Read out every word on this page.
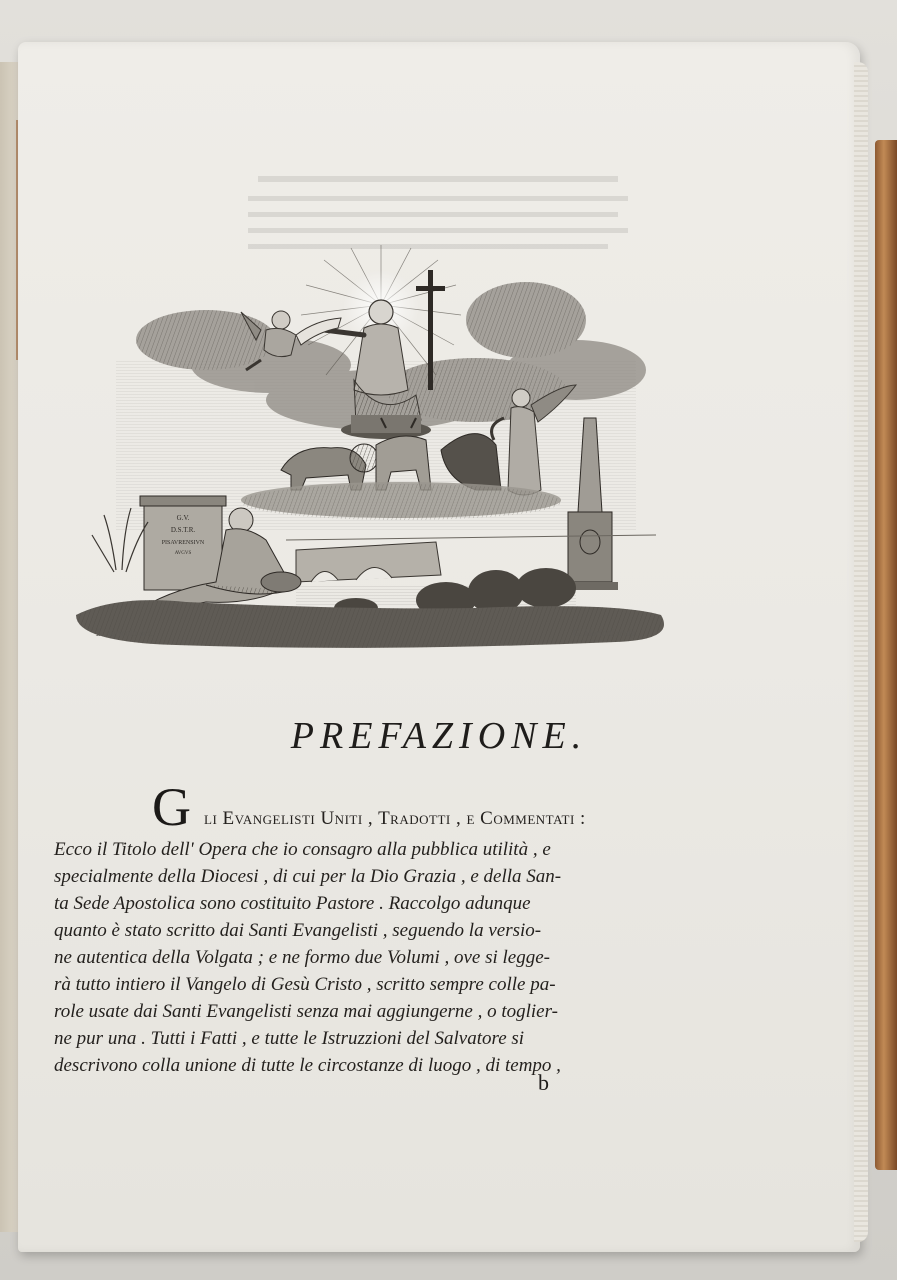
G.V.
D.S.T.R.
PISAVRENSIVN
AVGVS
L. Agricola del.	G. Morlotti sculp.
PREFAZIONE.
G li Evangelisti Uniti , Tradotti , e Commentati :
Ecco il Titolo dell' Opera che io consagro alla pubblica utilità , e
specialmente della Diocesi , di cui per la Dio Grazia , e della San-
ta Sede Apostolica sono costituito Pastore . Raccolgo adunque
quanto è stato scritto dai Santi Evangelisti , seguendo la versio-
ne autentica della Volgata ; e ne formo due Volumi , ove si legge-
rà tutto intiero il Vangelo di Gesù Cristo , scritto sempre colle pa-
role usate dai Santi Evangelisti senza mai aggiungerne , o toglier-
ne pur una . Tutti i Fatti , e tutte le Istruzzioni del Salvatore si
descrivono colla unione di tutte le circostanze di luogo , di tempo ,
b
